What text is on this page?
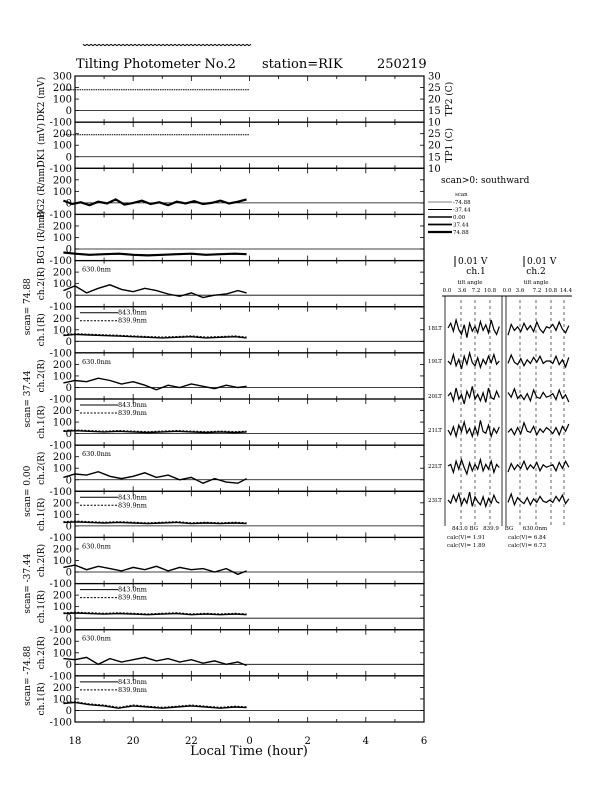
Tilting Photometer No.2 station=RIK	250219
300
200
100
0
-100
DK2 (mV)
200
100
0
-100
DK1 (mV)
200
100
0
-100
BG2 (R/nm)
200
100
0
-100
BG1 (R/nm)
200
100
0
-100
ch.2(R)	630.0nm
200
100
0
-100
ch.1(R)
843.0nm
839.9nm
200
100
0
-100
ch.2(R)	630.0nm
200
100
0
-100
ch.1(R)
843.0nm
839.9nm
200
100
0
-100
ch.2(R)	630.0nm
200
100
0
-100
ch.1(R)
843.0nm
839.9nm
200
100
0
-100
ch.2(R)	630.0nm
200
100
0
-100
ch.1(R)
843.0nm
839.9nm
200
100
0
-100
ch.2(R)	630.0nm
200
100
0
-100
ch.1(R)
843.0nm
839.9nm
scan= 74.88
scan= 37.44
scan= 0.00
scan= -37.44
scan= -74.88
30
25
20
15
10
25
20
15
10
TP2 (C)
TP1 (C)
18	20	22	0	2	4	6
Local Time (hour)
scan>0: southward
scan
-74.88
-37.44
0.00
37.44
74.88
0.01 V	0.01 V
ch.1	ch.2
tilt angle	tilt angle
0.0 3.6 7.2 10.8 0.0 3.6 7.2 10.8 14.4
18LT
19LT
20LT
21LT
22LT
23LT
843.0 BG 839.9 BG 630.0nm
calc(V)= 1.91
calc(V)= 1.89
calc(V)= 6.84
calc(V)= 6.73
